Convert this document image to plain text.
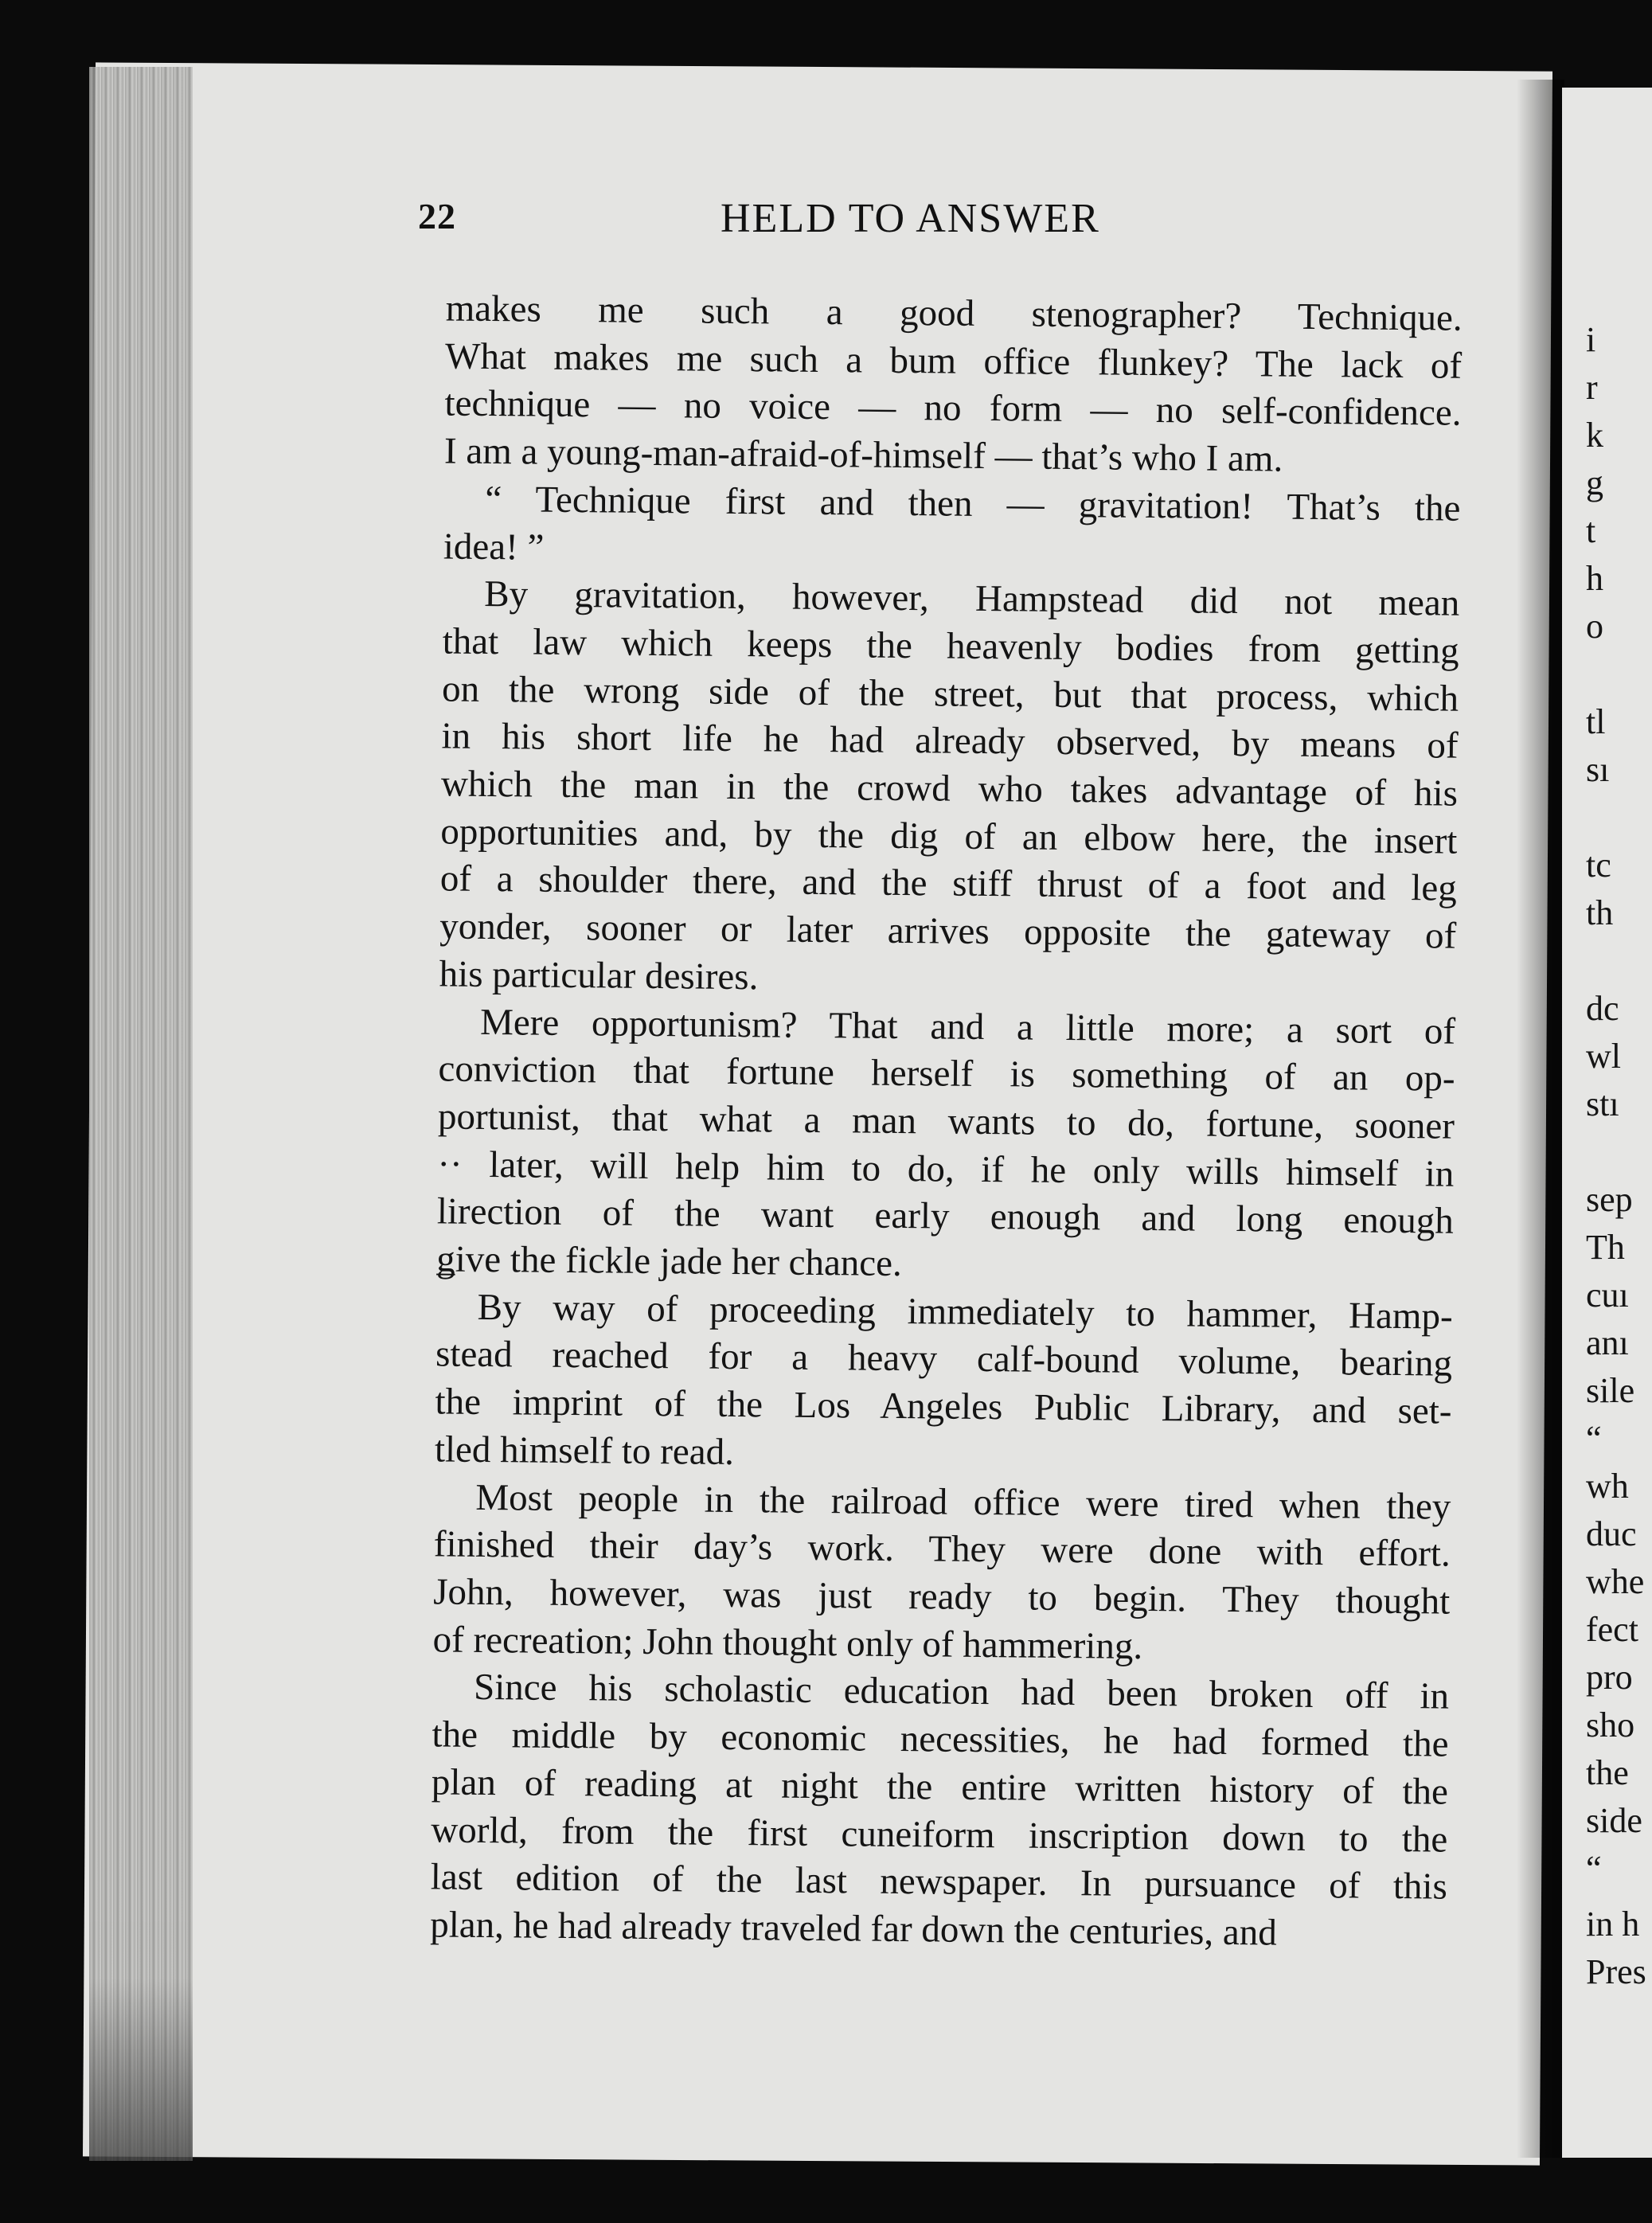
i
r
k
g
t
h
o
tl
sı
tc
th
dc
wl
stı
sep
Th
cuı
anı
sile
“
wh
duc
whe
fect
pro
sho
the
side
“
in h
Pres
22	HELD TO ANSWER
makes me such a good stenographer? Technique.
What makes me such a bum office flunkey? The lack of
technique — no voice — no form — no self-confidence.
I am a young-man-afraid-of-himself — that’s who I am.
“ Technique first and then — gravitation! That’s the
idea! ”
By gravitation, however, Hampstead did not mean
that law which keeps the heavenly bodies from getting
on the wrong side of the street, but that process, which
in his short life he had already observed, by means of
which the man in the crowd who takes advantage of his
opportunities and, by the dig of an elbow here, the insert
of a shoulder there, and the stiff thrust of a foot and leg
yonder, sooner or later arrives opposite the gateway of
his particular desires.
Mere opportunism? That and a little more; a sort of
conviction that fortune herself is something of an op-
portunist, that what a man wants to do, fortune, sooner
·· later, will help him to do, if he only wills himself in
lirection of the want early enough and long enough
ǥive the fickle jade her chance.
By way of proceeding immediately to hammer, Hamp-
stead reached for a heavy calf-bound volume, bearing
the imprint of the Los Angeles Public Library, and set-
tled himself to read.
Most people in the railroad office were tired when they
finished their day’s work. They were done with effort.
John, however, was just ready to begin. They thought
of recreation; John thought only of hammering.
Since his scholastic education had been broken off in
the middle by economic necessities, he had formed the
plan of reading at night the entire written history of the
world, from the first cuneiform inscription down to the
last edition of the last newspaper. In pursuance of this
plan, he had already traveled far down the centuries, and
